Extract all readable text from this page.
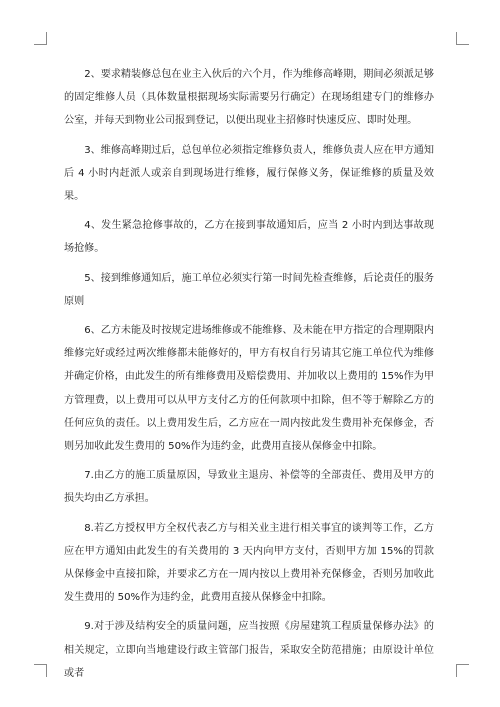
2、要求精装修总包在业主入伙后的六个月，作为维修高峰期，期间必须派足够的固定维修人员（具体数量根据现场实际需要另行确定）在现场组建专门的维修办公室，并每天到物业公司报到登记，以便出现业主招修时快速反应、即时处理。

3、维修高峰期过后，总包单位必须指定维修负责人，维修负责人应在甲方通知后 4 小时内赶派人或亲自到现场进行维修，履行保修义务，保证维修的质量及效果。

4、发生紧急抢修事故的，乙方在接到事故通知后，应当 2 小时内到达事故现场抢修。

5、接到维修通知后，施工单位必须实行第一时间先检查维修，后论责任的服务原则

6、乙方未能及时按规定进场维修或不能维修、及未能在甲方指定的合理期限内维修完好或经过两次维修都未能修好的，甲方有权自行另请其它施工单位代为维修并确定价格，由此发生的所有维修费用及赔偿费用、并加收以上费用的 15%作为甲方管理费，以上费用可以从甲方支付乙方的任何款项中扣除，但不等于解除乙方的任何应负的责任。以上费用发生后，乙方应在一周内按此发生费用补充保修金，否则另加收此发生费用的 50%作为违约金，此费用直接从保修金中扣除。

7.由乙方的施工质量原因，导致业主退房、补偿等的全部责任、费用及甲方的损失均由乙方承担。

8.若乙方授权甲方全权代表乙方与相关业主进行相关事宜的谈判等工作，乙方应在甲方通知由此发生的有关费用的 3 天内向甲方支付，否则甲方加 15%的罚款从保修金中直接扣除，并要求乙方在一周内按以上费用补充保修金，否则另加收此发生费用的 50%作为违约金，此费用直接从保修金中扣除。

9.对于涉及结构安全的质量问题，应当按照《房屋建筑工程质量保修办法》的相关规定，立即向当地建设行政主管部门报告，采取安全防范措施；由原设计单位或者
